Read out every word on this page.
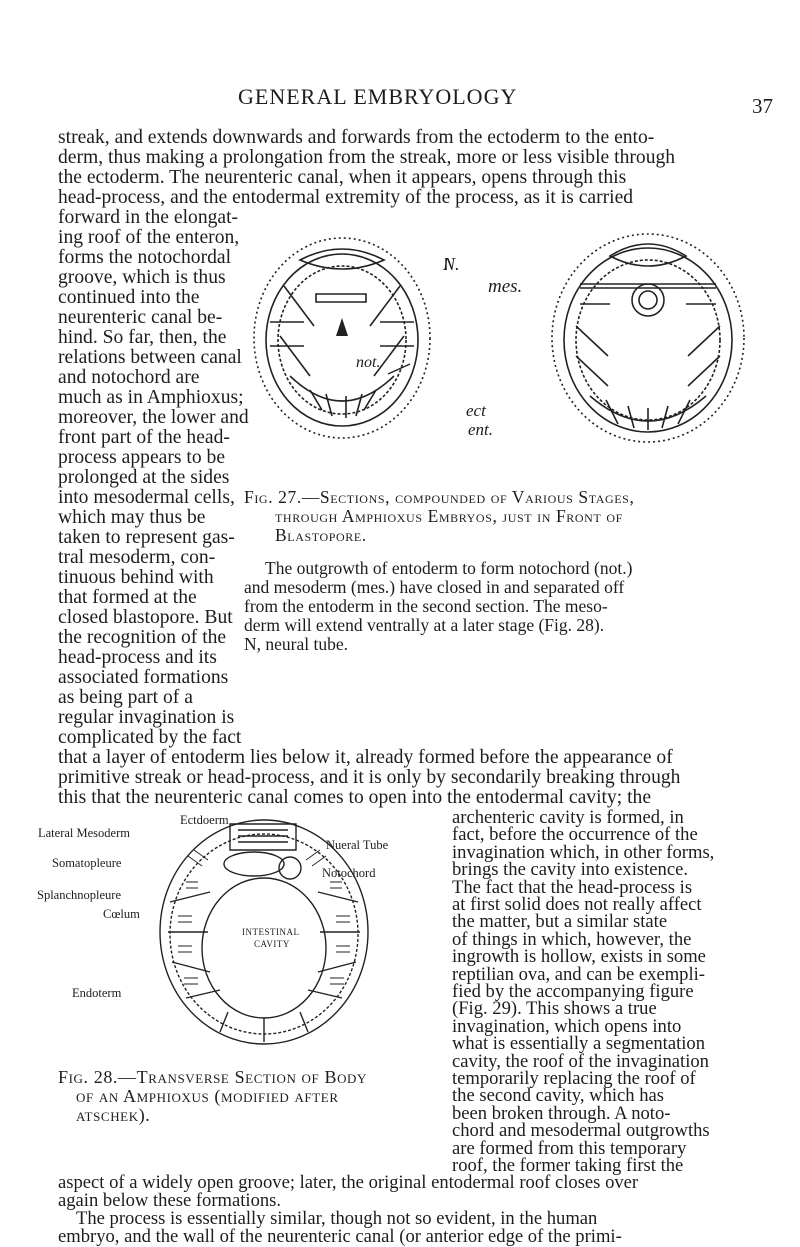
GENERAL EMBRYOLOGY	37
streak, and extends downwards and forwards from the ectoderm to the ento-
derm, thus making a prolongation from the streak, more or less visible through
the ectoderm. The neurenteric canal, when it appears, opens through this
head-process, and the entodermal extremity of the process, as it is carried
forward in the elongat-
ing roof of the enteron,
forms the notochordal
groove, which is thus
continued into the
neurenteric canal be-
hind. So far, then, the
relations between canal
and notochord are
much as in Amphioxus;
moreover, the lower and
front part of the head-
process appears to be
prolonged at the sides
into mesodermal cells,
which may thus be
taken to represent gas-
tral mesoderm, con-
tinuous behind with
that formed at the
closed blastopore. But
the recognition of the
head-process and its
associated formations
as being part of a
regular invagination is
complicated by the fact
that a layer of entoderm lies below it, already formed before the appearance of
primitive streak or head-process, and it is only by secondarily breaking through
this that the neurenteric canal comes to open into the entodermal cavity; the
archenteric cavity is formed, in
fact, before the occurrence of the
invagination which, in other forms,
brings the cavity into existence.
The fact that the head-process is
at first solid does not really affect
the matter, but a similar state
of things in which, however, the
ingrowth is hollow, exists in some
reptilian ova, and can be exempli-
fied by the accompanying figure
(Fig. 29). This shows a true
invagination, which opens into
what is essentially a segmentation
cavity, the roof of the invagination
temporarily replacing the roof of
the second cavity, which has
been broken through. A noto-
chord and mesodermal outgrowths
are formed from this temporary
roof, the former taking first the
aspect of a widely open groove; later, the original entodermal roof closes over
again below these formations.
The process is essentially similar, though not so evident, in the human
embryo, and the wall of the neurenteric canal (or anterior edge of the primi-
N.
mes.
not.
ect
ent.
Fig. 27.—Sections, compounded of Various Stages,
through Amphioxus Embryos, just in Front of
Blastopore.
The outgrowth of entoderm to form notochord (not.)
and mesoderm (mes.) have closed in and separated off
from the entoderm in the second section. The meso-
derm will extend ventrally at a later stage (Fig. 28).
N, neural tube.
Ectdoerm
Lateral Mesoderm
Somatopleure
Splanchnopleure
Cœlum
Endoterm
Nueral Tube
Notochord
INTESTINAL
CAVITY
Fig. 28.—Transverse Section of Body
of an Amphioxus (modified after
atschek).
